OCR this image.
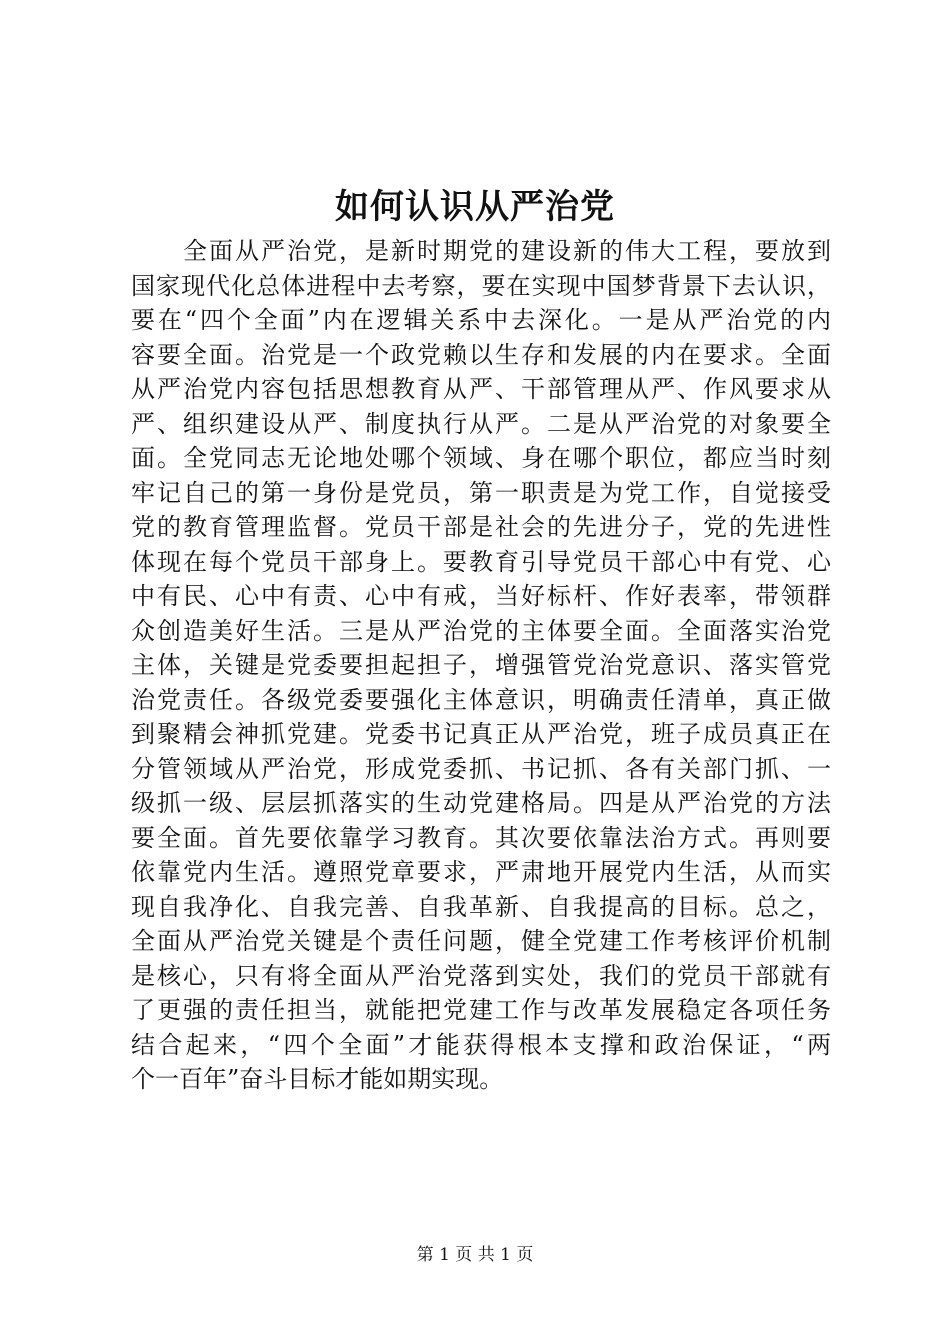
如何认识从严治党
　　全面从严治党，是新时期党的建设新的伟大工程，要放到
国家现代化总体进程中去考察，要在实现中国梦背景下去认识，
要在“四个全面”内在逻辑关系中去深化。一是从严治党的内
容要全面。治党是一个政党赖以生存和发展的内在要求。全面
从严治党内容包括思想教育从严、干部管理从严、作风要求从
严、组织建设从严、制度执行从严。二是从严治党的对象要全
面。全党同志无论地处哪个领域、身在哪个职位，都应当时刻
牢记自己的第一身份是党员，第一职责是为党工作，自觉接受
党的教育管理监督。党员干部是社会的先进分子，党的先进性
体现在每个党员干部身上。要教育引导党员干部心中有党、心
中有民、心中有责、心中有戒，当好标杆、作好表率，带领群
众创造美好生活。三是从严治党的主体要全面。全面落实治党
主体，关键是党委要担起担子，增强管党治党意识、落实管党
治党责任。各级党委要强化主体意识，明确责任清单，真正做
到聚精会神抓党建。党委书记真正从严治党，班子成员真正在
分管领域从严治党，形成党委抓、书记抓、各有关部门抓、一
级抓一级、层层抓落实的生动党建格局。四是从严治党的方法
要全面。首先要依靠学习教育。其次要依靠法治方式。再则要
依靠党内生活。遵照党章要求，严肃地开展党内生活，从而实
现自我净化、自我完善、自我革新、自我提高的目标。总之，
全面从严治党关键是个责任问题，健全党建工作考核评价机制
是核心，只有将全面从严治党落到实处，我们的党员干部就有
了更强的责任担当，就能把党建工作与改革发展稳定各项任务
结合起来，“四个全面”才能获得根本支撑和政治保证，“两
个一百年”奋斗目标才能如期实现。
第 1 页 共 1 页
